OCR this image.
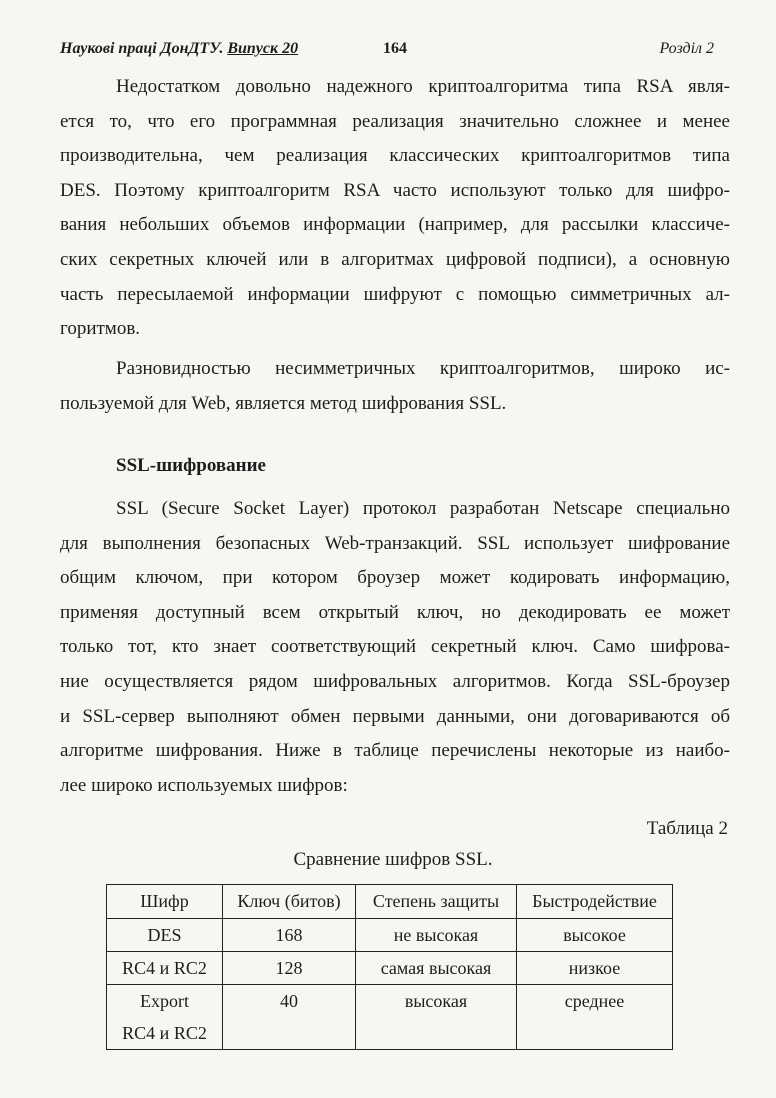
Наукові праці ДонДТУ. Випуск 20	164	Розділ 2

Недостатком довольно надежного криптоалгоритма типа RSA явля-
ется то, что его программная реализация значительно сложнее и менее
производительна, чем реализация классических криптоалгоритмов типа
DES. Поэтому криптоалгоритм RSA часто используют только для шифро-
вания небольших объемов информации (например, для рассылки классиче-
ских секретных ключей или в алгоритмах цифровой подписи), а основную
часть пересылаемой информации шифруют с помощью симметричных ал-
горитмов.

Разновидностью несимметричных криптоалгоритмов, широко ис-
пользуемой для Web, является метод шифрования SSL.

SSL-шифрование

SSL (Secure Socket Layer) протокол разработан Netscape специально
для выполнения безопасных Web-транзакций. SSL использует шифрование
общим ключом, при котором броузер может кодировать информацию,
применяя доступный всем открытый ключ, но декодировать ее может
только тот, кто знает соответствующий секретный ключ. Само шифрова-
ние осуществляется рядом шифровальных алгоритмов. Когда SSL-броузер
и SSL-сервер выполняют обмен первыми данными, они договариваются об
алгоритме шифрования. Ниже в таблице перечислены некоторые из наибо-
лее широко используемых шифров:

Таблица 2
Сравнение шифров SSL.
Шифр	Ключ (битов)	Степень защиты	Быстродействие
DES	168	не высокая	высокое
RC4 и RC2	128	самая высокая	низкое
Export
RC4 и RC2	40	высокая	среднее
